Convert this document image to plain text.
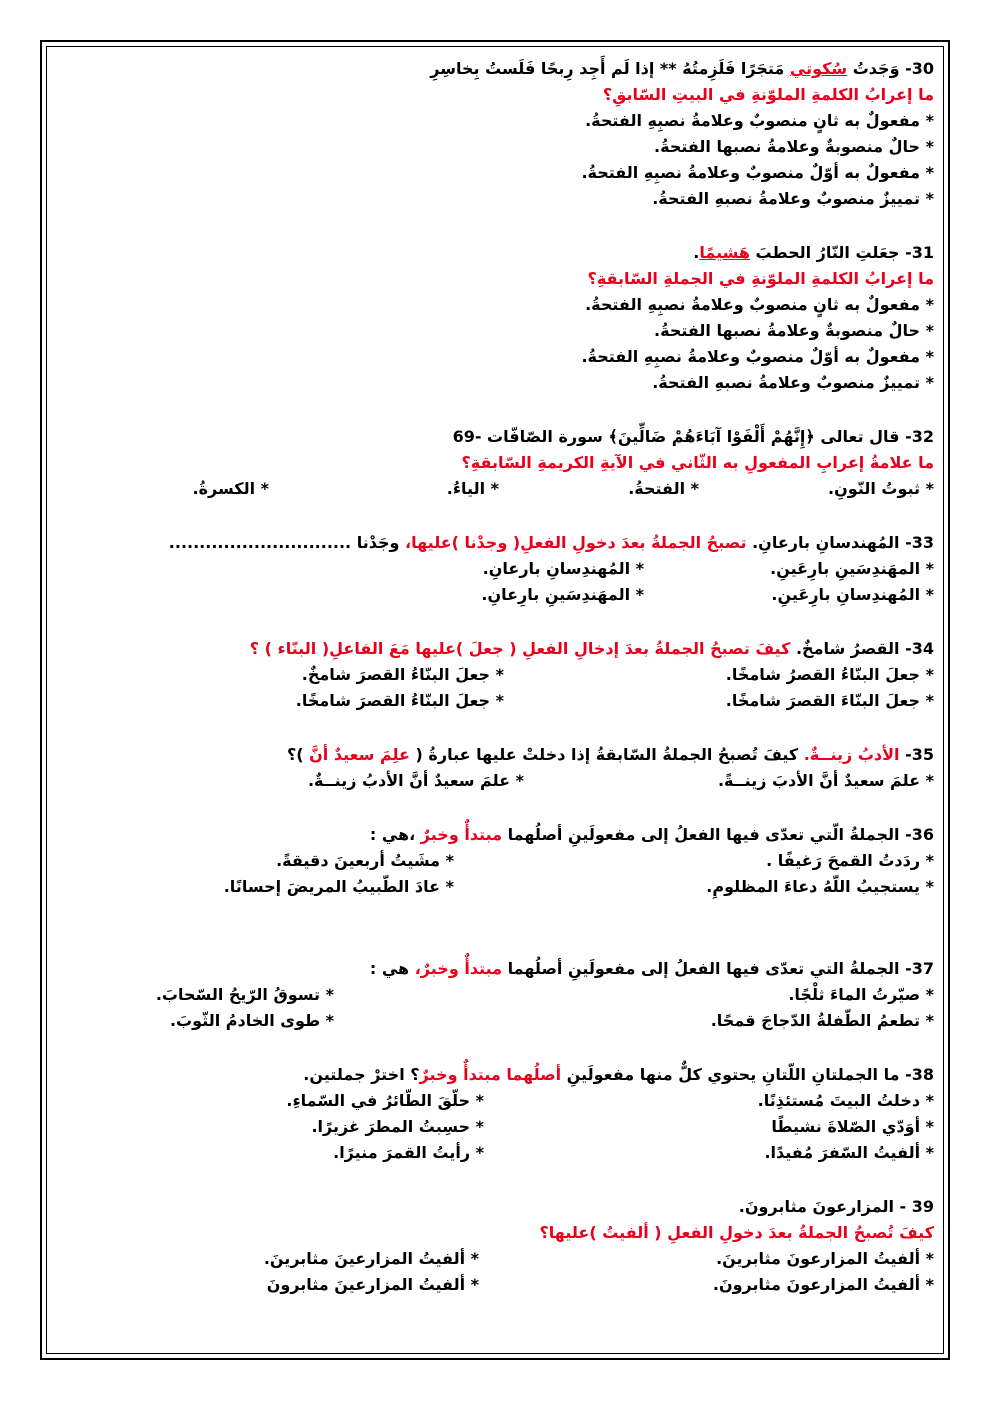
30- وَجَدتُ سُكوتي مَتجَرًا فَلَزِمتُهُ ** إذا لَم أَجِد رِبحًا فَلَستُ بِخاسِرِ
ما إعرابُ الكلمةِ الملوّنةِ في البيتِ السّابقِ؟
* مفعولٌ به ثانٍ منصوبٌ وعلامةُ نصبِهِ الفتحةُ.
* حالٌ منصوبةٌ وعلامةُ نصبها الفتحةُ.
* مفعولٌ به أوّلٌ منصوبٌ وعلامةُ نصبِهِ الفتحةُ.
* تمييزٌ منصوبٌ وعلامةُ نصبهِ الفتحةُ.
31- جعَلتِ النّارُ الحطبَ هَشيمًا.
ما إعرابُ الكلمةِ الملوّنةِ في الجملةِ السّابقةِ؟
* مفعولٌ به ثانٍ منصوبٌ وعلامةُ نصبِهِ الفتحةُ.
* حالٌ منصوبةٌ وعلامةُ نصبها الفتحةُ.
* مفعولٌ به أوّلٌ منصوبٌ وعلامةُ نصبِهِ الفتحةُ.
* تمييزٌ منصوبٌ وعلامةُ نصبهِ الفتحةُ.
32- قال تعالى ﴿إِنَّهُمْ أَلْفَوْا آبَاءَهُمْ ضَالِّينَ﴾ سورة الصّافّات -69
ما علامةُ إعرابِ المفعولِ به الثّاني في الآيةِ الكريمةِ السّابقةِ؟
* ثبوتُ النّونِ.
* الفتحةُ.
* الياءُ.
* الكسرةُ.
33- المُهندسانِ بارعانِ. تصبحُ الجملةُ بعدَ دخولِ الفعلِ( وجدْنا )عليها، وجَدْنا ..............................
* المهَندِسَينِ بارِعَينِ.
* المُهندِسانِ بارعانِ.
* المُهندِسانِ بارِعَينِ.
* المهَندِسَينِ بارِعانِ.
34- القصرُ شامخٌ. كيفَ تصبحُ الجملةُ بعدَ إدخالِ الفعلِ ( جعلَ )عليها مَعَ الفاعلِ( البنّاء ) ؟
* جعلَ البنّاءُ القصرُ شامخًا.
* جعلَ البنّاءُ القصرَ شامخٌ.
* جعلَ البنّاءَ القصرَ شامخًا.
* جعلَ البنّاءُ القصرَ شامخًا.
35- الأدبُ زينــةٌ. كيفَ تُصبحُ الجملةُ السّابقةُ إذا دخلتْ عليها عبارةُ ( علِمَ سعيدٌ أنَّ )؟
* علمَ سعيدٌ أنَّ الأدبَ زينــةً.
* علمَ سعيدٌ أنَّ الأدبُ زينــةٌ.
36- الجملةُ الّتي تعدّى فيها الفعلُ إلى مفعولَينِ أصلُهما مبتدأٌ وخبرٌ ،هي :
* ردَدتُ القمحَ رَغيفًا .
* مشَيتُ أربعينَ دقيقةً.
* يستجيبُ اللّهُ دعاءَ المظلومِ.
* عادَ الطّبيبُ المريضَ إحسانًا.
37- الجملةُ التي تعدّى فيها الفعلُ إلى مفعولَينِ أصلُهما مبتدأٌ وخبرٌ، هي :
* صيّرتُ الماءَ ثلْجًا.
* تسوقُ الرّيحُ السّحابَ.
* تطعمُ الطّفلةُ الدّجاجَ قمحًا.
* طوى الخادمُ الثّوبَ.
38- ما الجملتانِ اللّتانِ يحتوي كلٌّ منها مفعولَينِ أصلُهما مبتدأٌ وخبرٌ؟ اخترْ جملتين.
* دخلتُ البيتَ مُستئذِنًا.
* حلّقَ الطّائرُ في السّماءِ.
* أوَدّي الصّلاةَ نشيطًا
* حسِبتُ المطرَ غزيرًا.
* ألفيتُ السّفرَ مُفيدًا.
* رأيتُ القمرَ منيرًا.
39 - المزارعونَ مثابرونَ.
كيفَ تُصبحُ الجملةُ بعدَ دخولِ الفعلِ ( ألفيتُ )عليها؟
* ألفيتُ المزارعونَ مثابرينَ.
* ألفيتُ المزارعينَ مثابرينَ.
* ألفيتُ المزارعونَ مثابرونَ.
* ألفيتُ المزارعينَ مثابرونَ
